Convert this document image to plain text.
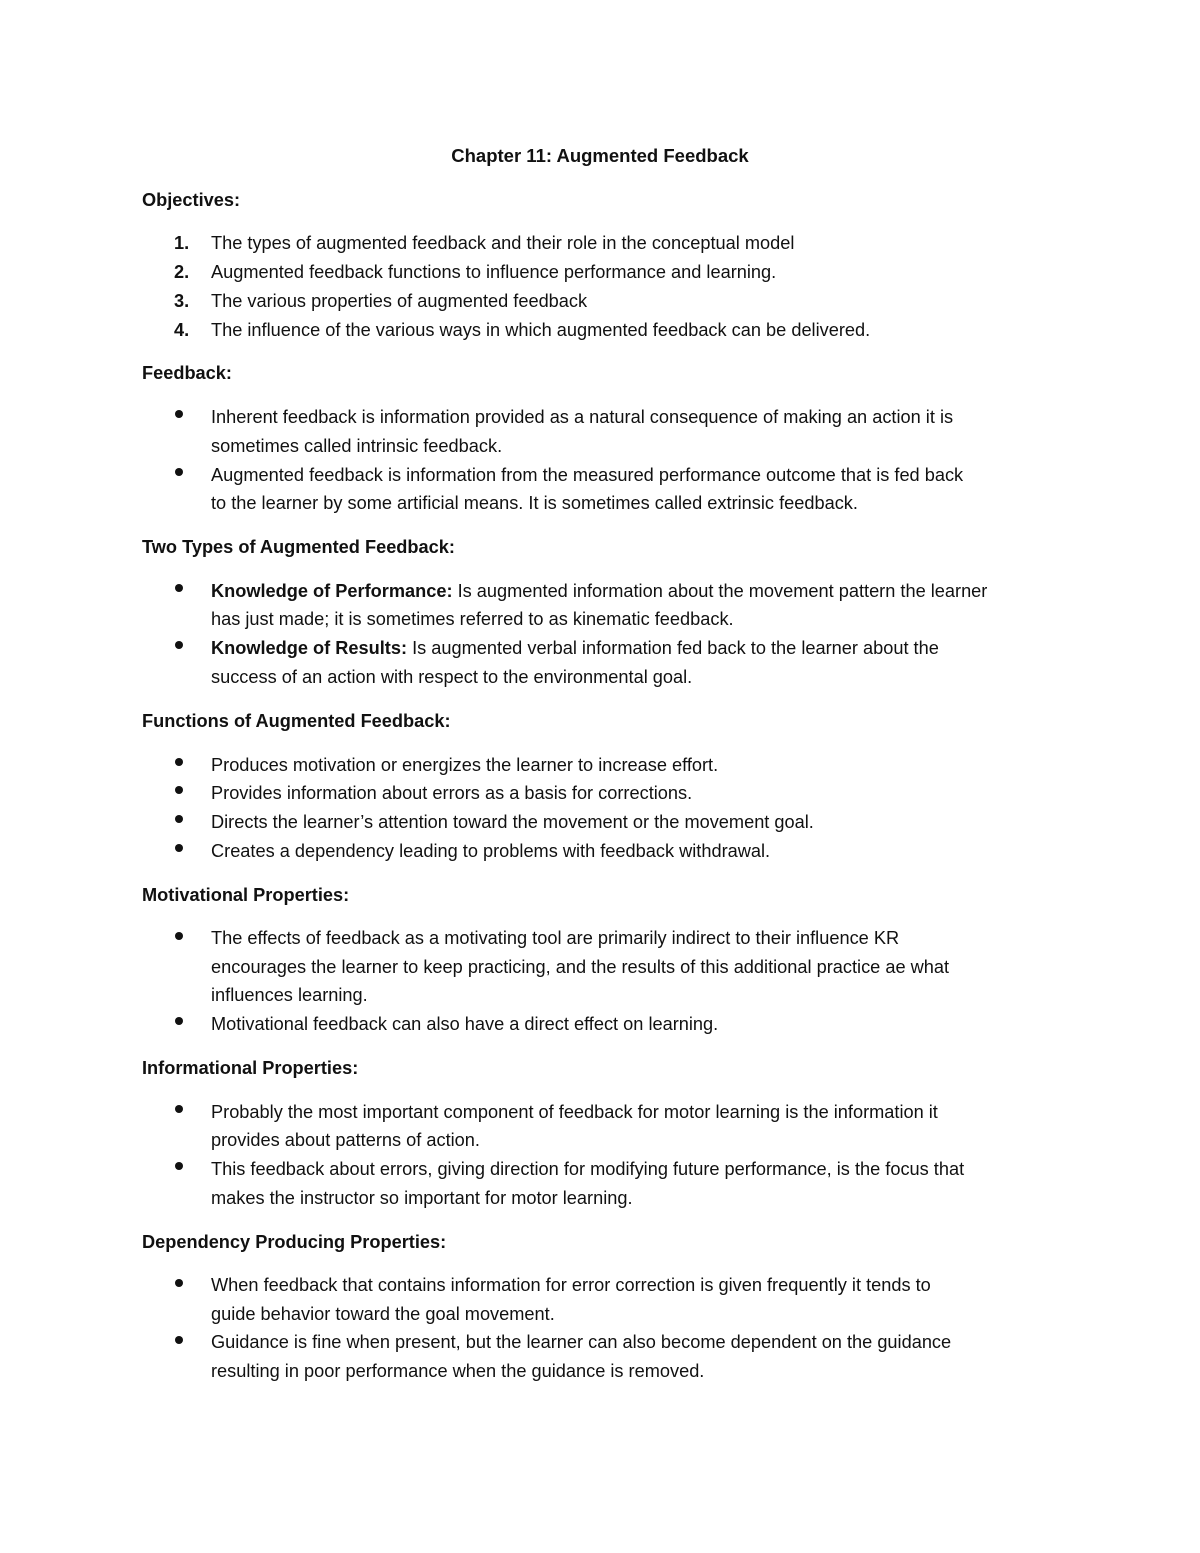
Chapter 11: Augmented Feedback

Objectives:

1. The types of augmented feedback and their role in the conceptual model

2. Augmented feedback functions to influence performance and learning.

3. The various properties of augmented feedback

4. The influence of the various ways in which augmented feedback can be delivered.

Feedback:

Inherent feedback is information provided as a natural consequence of making an action it is

sometimes called intrinsic feedback.

Augmented feedback is information from the measured performance outcome that is fed back

to the learner by some artificial means. It is sometimes called extrinsic feedback.

Two Types of Augmented Feedback:

Knowledge of Performance: Is augmented information about the movement pattern the learner

has just made; it is sometimes referred to as kinematic feedback.

Knowledge of Results: Is augmented verbal information fed back to the learner about the

success of an action with respect to the environmental goal.

Functions of Augmented Feedback:

Produces motivation or energizes the learner to increase effort.

Provides information about errors as a basis for corrections.

Directs the learner’s attention toward the movement or the movement goal.

Creates a dependency leading to problems with feedback withdrawal.

Motivational Properties:

The effects of feedback as a motivating tool are primarily indirect to their influence KR

encourages the learner to keep practicing, and the results of this additional practice ae what

influences learning.

Motivational feedback can also have a direct effect on learning.

Informational Properties:

Probably the most important component of feedback for motor learning is the information it

provides about patterns of action.

This feedback about errors, giving direction for modifying future performance, is the focus that

makes the instructor so important for motor learning.

Dependency Producing Properties:

When feedback that contains information for error correction is given frequently it tends to

guide behavior toward the goal movement.

Guidance is fine when present, but the learner can also become dependent on the guidance

resulting in poor performance when the guidance is removed.
